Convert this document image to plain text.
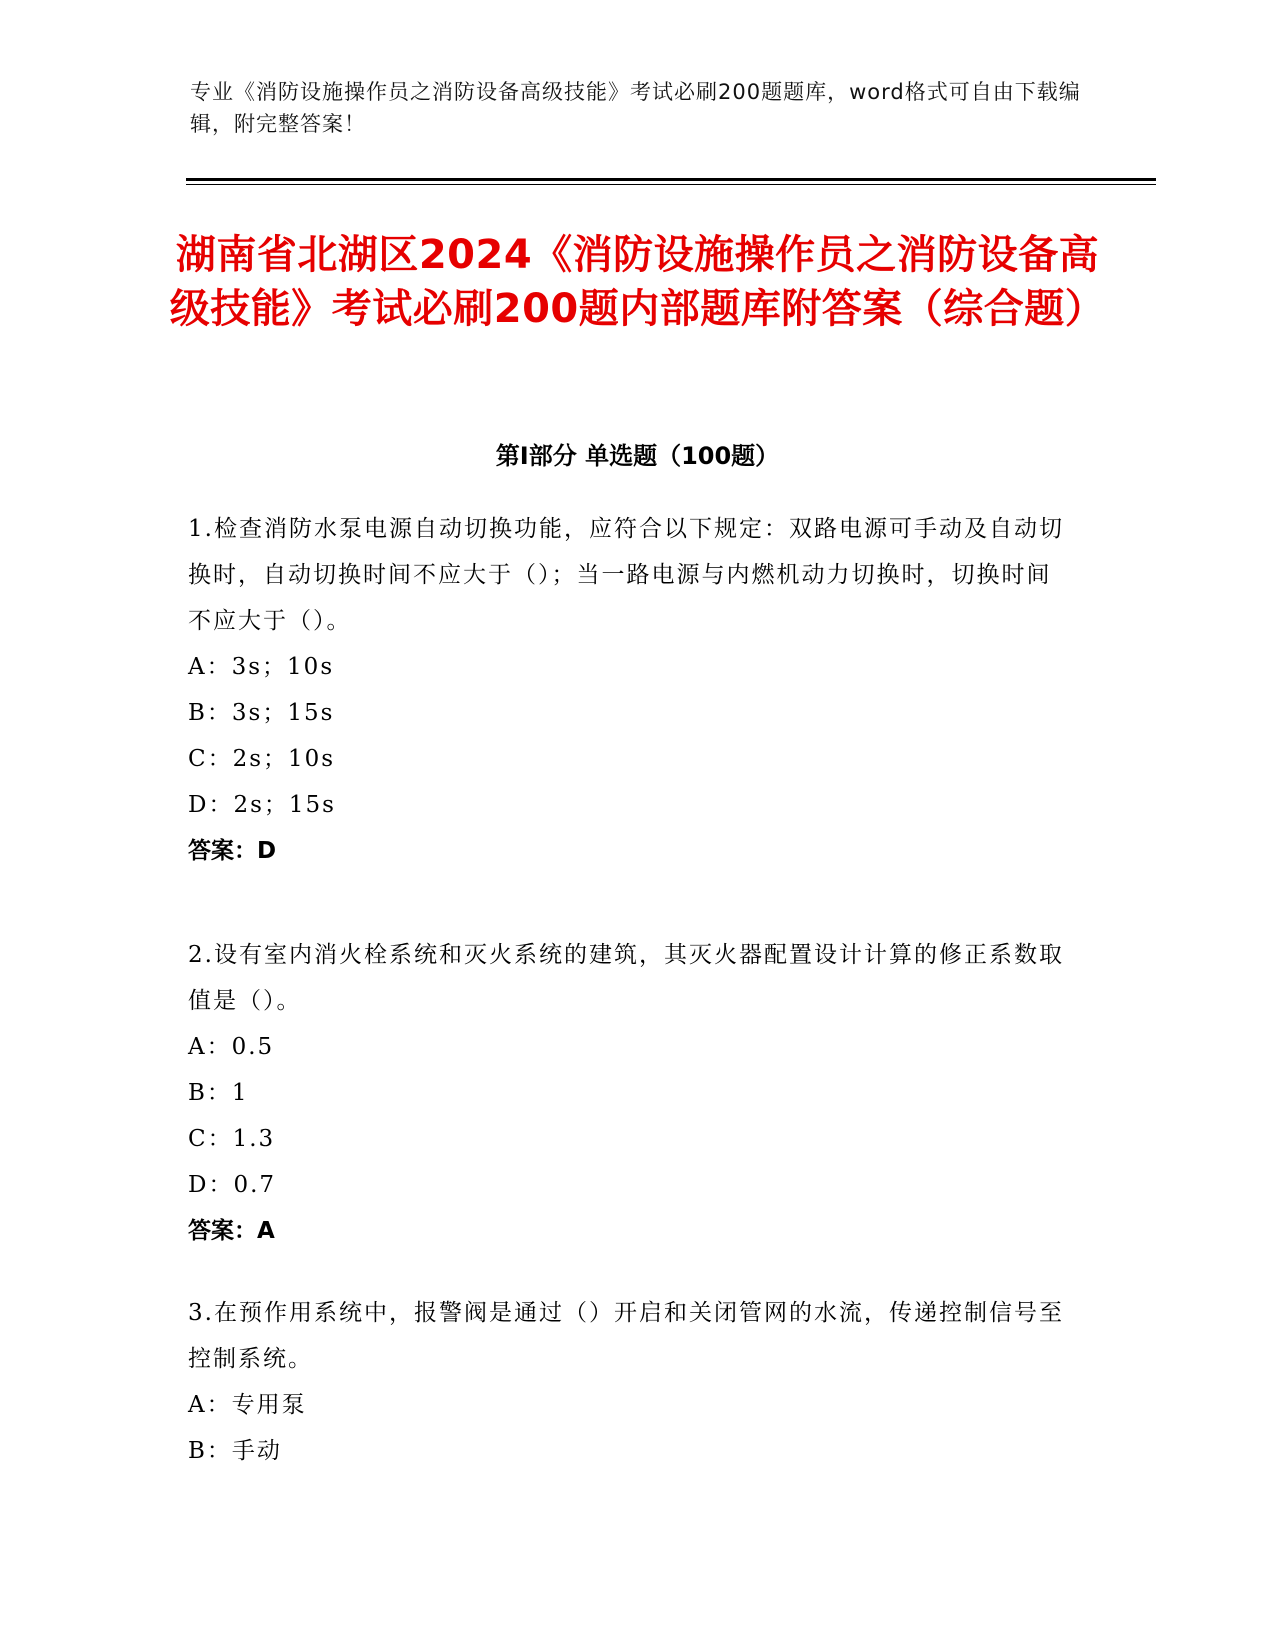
专业《消防设施操作员之消防设备高级技能》考试必刷200题题库，word格式可自由下载编辑，附完整答案！
湖南省北湖区2024《消防设施操作员之消防设备高级技能》考试必刷200题内部题库附答案（综合题）
第Ⅰ部分 单选题（100题）

1.检查消防水泵电源自动切换功能，应符合以下规定：双路电源可手动及自动切换时，自动切换时间不应大于（）；当一路电源与内燃机动力切换时，切换时间不应大于（）。

A：3s；10s

B：3s；15s

C：2s；10s

D：2s；15s

答案：D

2.设有室内消火栓系统和灭火系统的建筑，其灭火器配置设计计算的修正系数取值是（）。

A：0.5

B：1

C：1.3

D：0.7

答案：A

3.在预作用系统中，报警阀是通过（）开启和关闭管网的水流，传递控制信号至控制系统。

A：专用泵

B：手动
